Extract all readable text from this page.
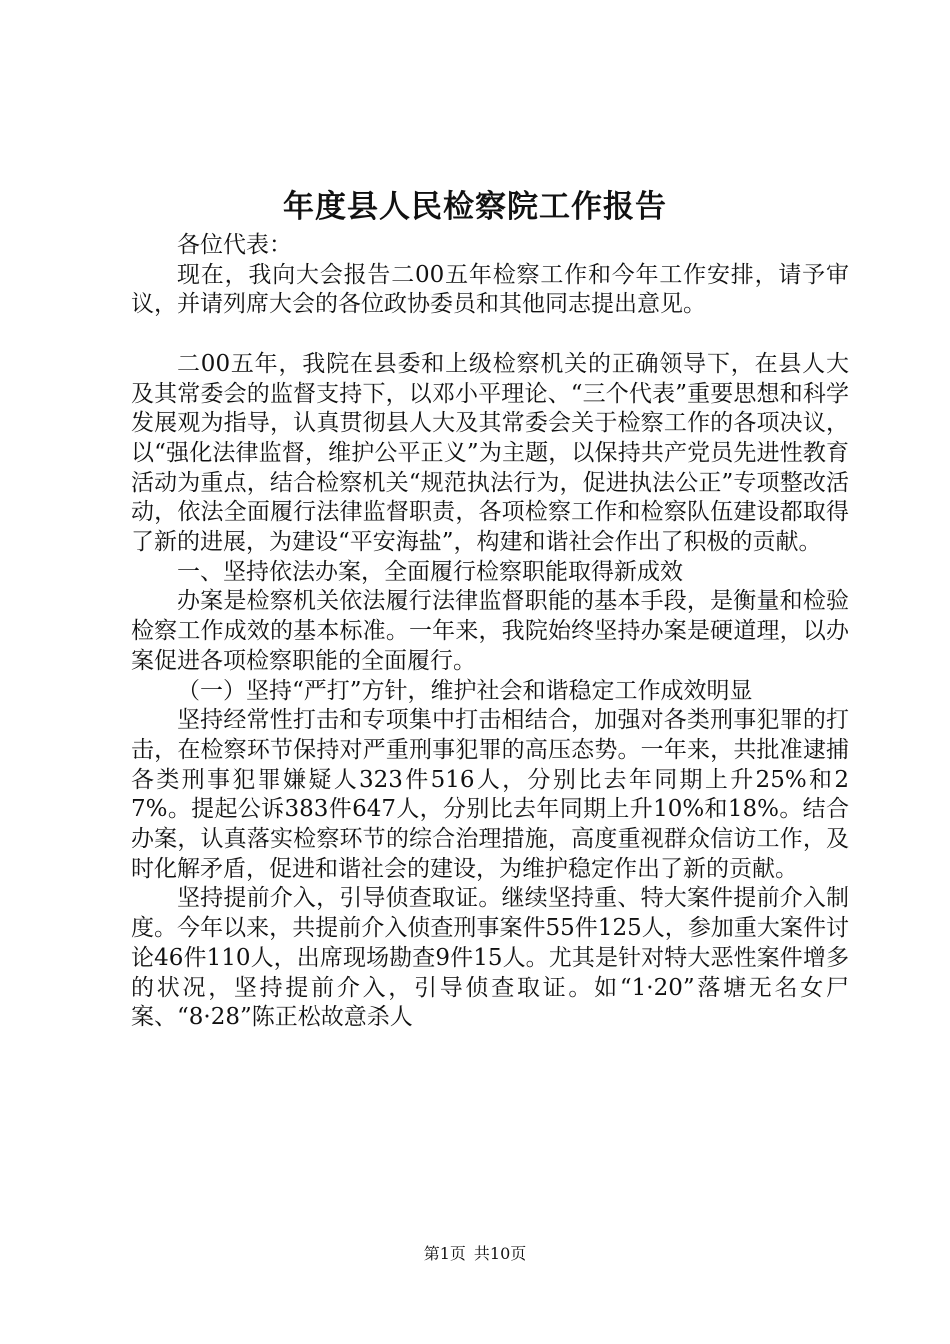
年度县人民检察院工作报告

各位代表：

现在，我向大会报告二00五年检察工作和今年工作安排，请予审议，并请列席大会的各位政协委员和其他同志提出意见。

二00五年，我院在县委和上级检察机关的正确领导下，在县人大及其常委会的监督支持下，以邓小平理论、“三个代表”重要思想和科学发展观为指导，认真贯彻县人大及其常委会关于检察工作的各项决议，以“强化法律监督，维护公平正义”为主题，以保持共产党员先进性教育活动为重点，结合检察机关“规范执法行为，促进执法公正”专项整改活动，依法全面履行法律监督职责，各项检察工作和检察队伍建设都取得了新的进展，为建设“平安海盐”，构建和谐社会作出了积极的贡献。

一、坚持依法办案，全面履行检察职能取得新成效

办案是检察机关依法履行法律监督职能的基本手段，是衡量和检验检察工作成效的基本标准。一年来，我院始终坚持办案是硬道理，以办案促进各项检察职能的全面履行。

（一）坚持“严打”方针，维护社会和谐稳定工作成效明显

坚持经常性打击和专项集中打击相结合，加强对各类刑事犯罪的打击，在检察环节保持对严重刑事犯罪的高压态势。一年来，共批准逮捕各类刑事犯罪嫌疑人323件516人，分别比去年同期上升25%和27%。提起公诉383件647人，分别比去年同期上升10%和18%。结合办案，认真落实检察环节的综合治理措施，高度重视群众信访工作，及时化解矛盾，促进和谐社会的建设，为维护稳定作出了新的贡献。

坚持提前介入，引导侦查取证。继续坚持重、特大案件提前介入制度。今年以来，共提前介入侦查刑事案件55件125人，参加重大案件讨论46件110人，出席现场勘查9件15人。尤其是针对特大恶性案件增多的状况，坚持提前介入，引导侦查取证。如“1·20”落塘无名女尸案、“8·28”陈正松故意杀人

第1页 共10页
